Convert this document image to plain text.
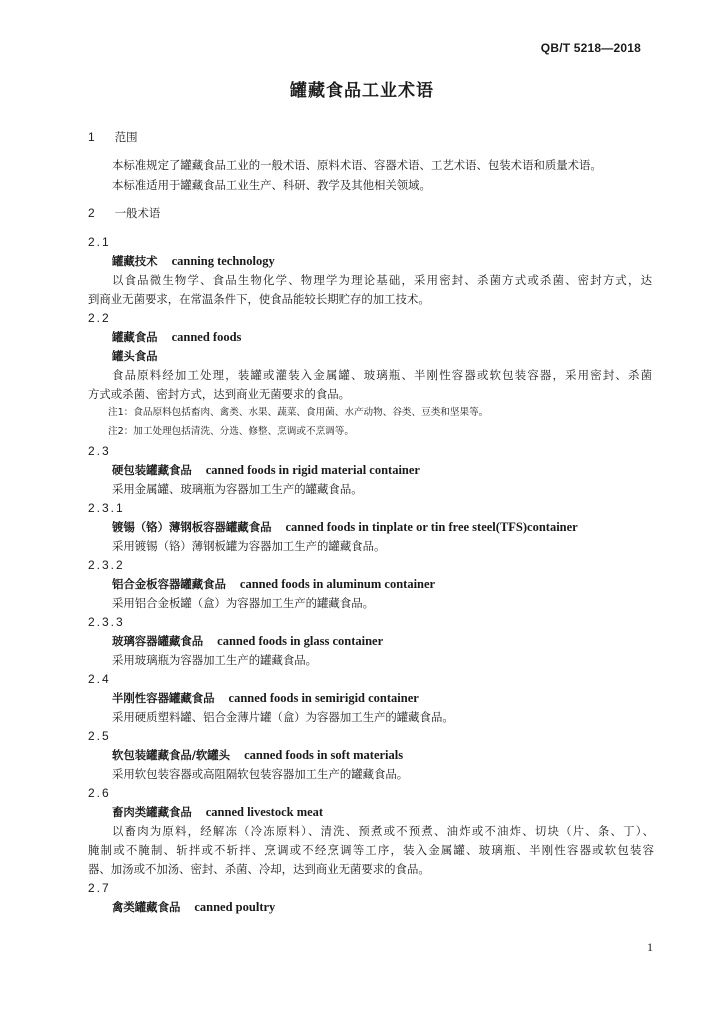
QB/T 5218—2018
罐藏食品工业术语
1 范围
本标准规定了罐藏食品工业的一般术语、原料术语、容器术语、工艺术语、包装术语和质量术语。
本标准适用于罐藏食品工业生产、科研、教学及其他相关领域。
2 一般术语
2.1
罐藏技术 canning technology
以食品微生物学、食品生物化学、物理学为理论基础，采用密封、杀菌方式或杀菌、密封方式，达
到商业无菌要求，在常温条件下，使食品能较长期贮存的加工技术。
2.2
罐藏食品 canned foods
罐头食品
食品原料经加工处理，装罐或灌装入金属罐、玻璃瓶、半刚性容器或软包装容器，采用密封、杀菌
方式或杀菌、密封方式，达到商业无菌要求的食品。
注1：食品原料包括畜肉、禽类、水果、蔬菜、食用菌、水产动物、谷类、豆类和坚果等。
注2：加工处理包括清洗、分选、修整、烹调或不烹调等。
2.3
硬包装罐藏食品 canned foods in rigid material container
采用金属罐、玻璃瓶为容器加工生产的罐藏食品。
2.3.1
镀锡（铬）薄钢板容器罐藏食品 canned foods in tinplate or tin free steel(TFS)container
采用镀锡（铬）薄钢板罐为容器加工生产的罐藏食品。
2.3.2
铝合金板容器罐藏食品 canned foods in aluminum container
采用铝合金板罐（盒）为容器加工生产的罐藏食品。
2.3.3
玻璃容器罐藏食品 canned foods in glass container
采用玻璃瓶为容器加工生产的罐藏食品。
2.4
半刚性容器罐藏食品 canned foods in semirigid container
采用硬质塑料罐、铝合金薄片罐（盒）为容器加工生产的罐藏食品。
2.5
软包装罐藏食品/软罐头 canned foods in soft materials
采用软包装容器或高阻隔软包装容器加工生产的罐藏食品。
2.6
畜肉类罐藏食品 canned livestock meat
以畜肉为原料，经解冻（冷冻原料）、清洗、预煮或不预煮、油炸或不油炸、切块（片、条、丁）、
腌制或不腌制、斩拌或不斩拌、烹调或不经烹调等工序，装入金属罐、玻璃瓶、半刚性容器或软包装容
器、加汤或不加汤、密封、杀菌、冷却，达到商业无菌要求的食品。
2.7
禽类罐藏食品 canned poultry
1
